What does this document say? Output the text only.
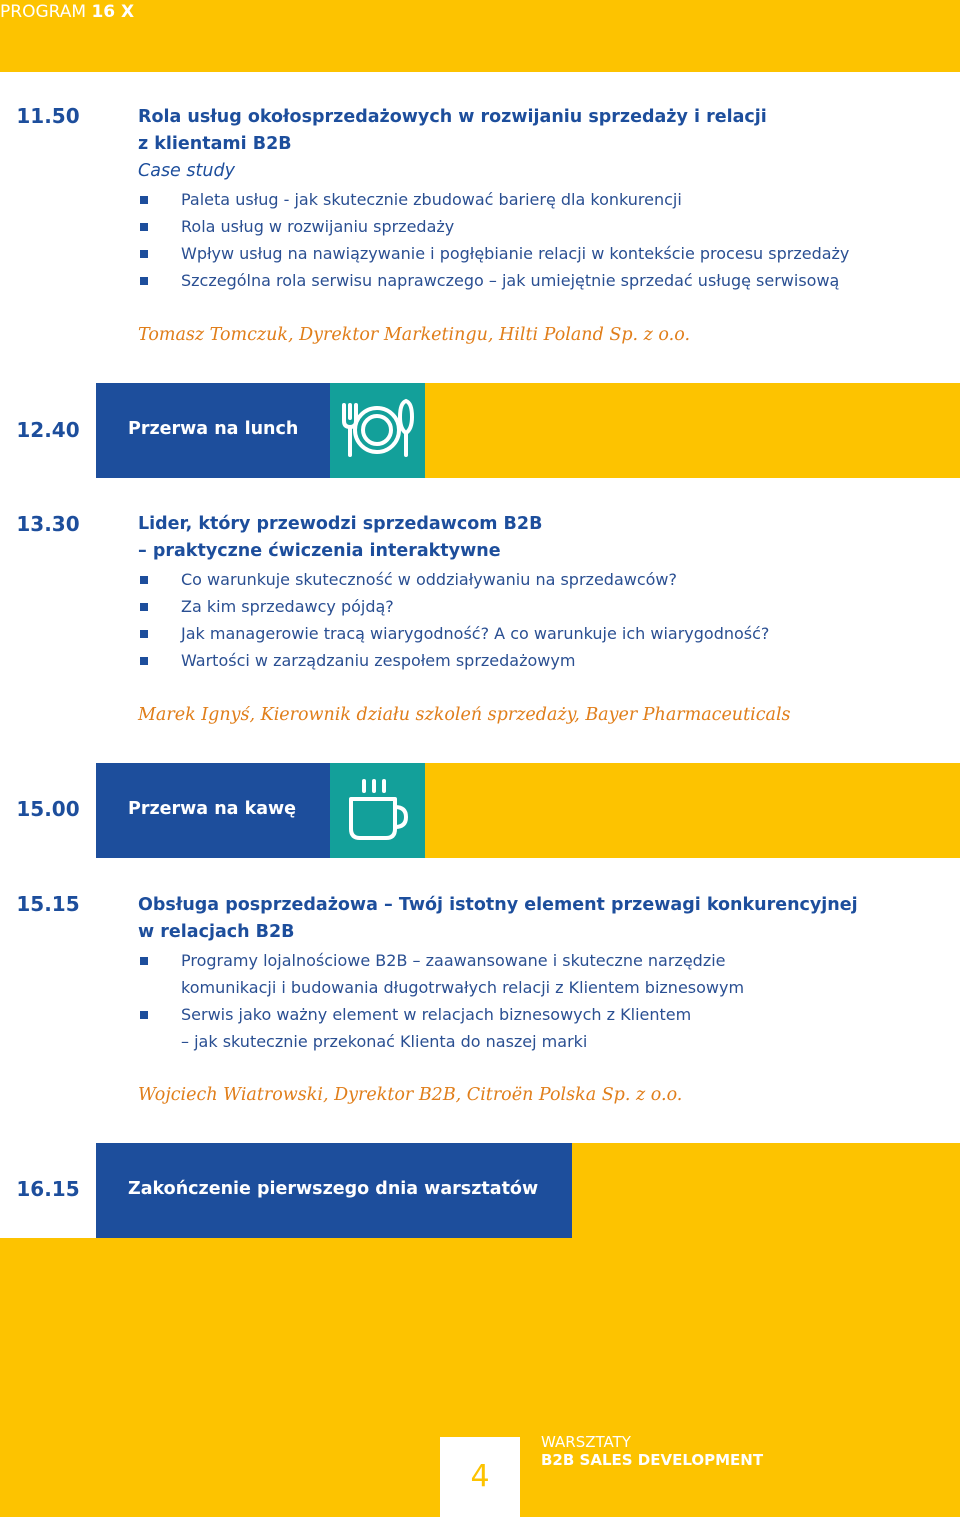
PROGRAM 16 X
11.50	Rola usług okołosprzedażowych w rozwijaniu sprzedaży i relacji
z klientami B2B
Case study
Paleta usług - jak skutecznie zbudować barierę dla konkurencji
Rola usług w rozwijaniu sprzedaży
Wpływ usług na nawiązywanie i pogłębianie relacji w kontekście procesu sprzedaży
Szczególna rola serwisu naprawczego – jak umiejętnie sprzedać usługę serwisową
Tomasz Tomczuk, Dyrektor Marketingu, Hilti Poland Sp. z o.o.
12.40	Przerwa na lunch
13.30	Lider, który przewodzi sprzedawcom B2B
– praktyczne ćwiczenia interaktywne
Co warunkuje skuteczność w oddziaływaniu na sprzedawców?
Za kim sprzedawcy pójdą?
Jak managerowie tracą wiarygodność? A co warunkuje ich wiarygodność?
Wartości w zarządzaniu zespołem sprzedażowym
Marek Ignyś, Kierownik działu szkoleń sprzedaży, Bayer Pharmaceuticals
15.00	Przerwa na kawę
15.15	Obsługa posprzedażowa – Twój istotny element przewagi konkurencyjnej
w relacjach B2B
Programy lojalnościowe B2B – zaawansowane i skuteczne narzędzie
komunikacji i budowania długotrwałych relacji z Klientem biznesowym
Serwis jako ważny element w relacjach biznesowych z Klientem
– jak skutecznie przekonać Klienta do naszej marki
Wojciech Wiatrowski, Dyrektor B2B, Citroën Polska Sp. z o.o.
16.15	Zakończenie pierwszego dnia warsztatów
4
WARSZTATY
B2B SALES DEVELOPMENT
